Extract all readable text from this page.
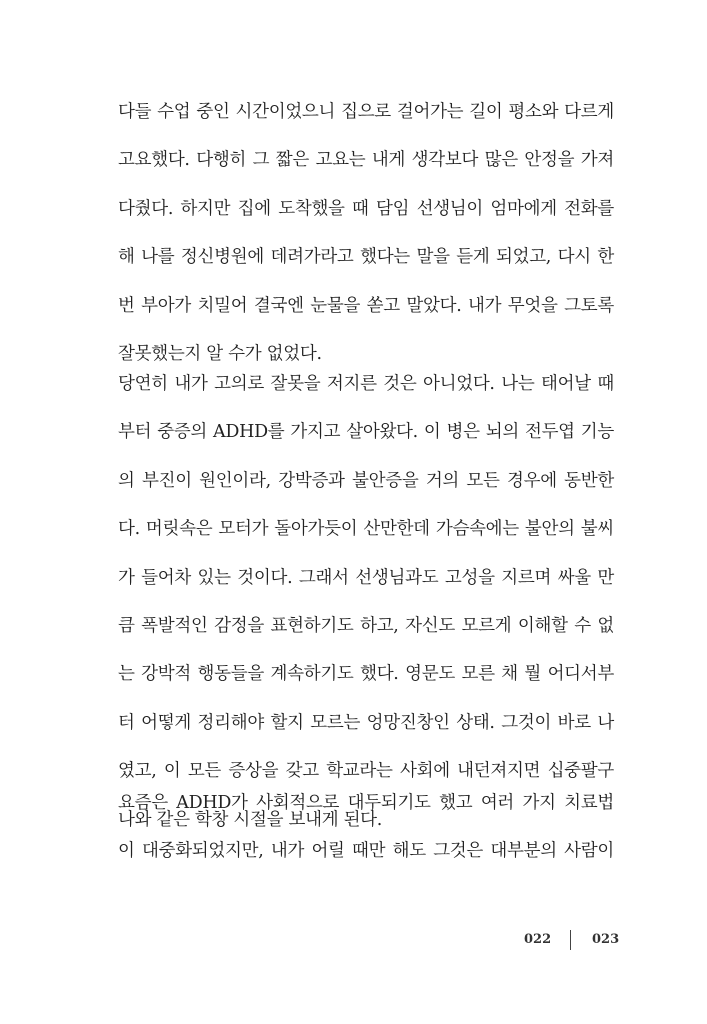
다들 수업 중인 시간이었으니 집으로 걸어가는 길이 평소와 다르게
고요했다. 다행히 그 짧은 고요는 내게 생각보다 많은 안정을 가져
다줬다. 하지만 집에 도착했을 때 담임 선생님이 엄마에게 전화를
해 나를 정신병원에 데려가라고 했다는 말을 듣게 되었고, 다시 한
번 부아가 치밀어 결국엔 눈물을 쏟고 말았다. 내가 무엇을 그토록
잘못했는지 알 수가 없었다.
당연히 내가 고의로 잘못을 저지른 것은 아니었다. 나는 태어날 때
부터 중증의 ADHD를 가지고 살아왔다. 이 병은 뇌의 전두엽 기능
의 부진이 원인이라, 강박증과 불안증을 거의 모든 경우에 동반한
다. 머릿속은 모터가 돌아가듯이 산만한데 가슴속에는 불안의 불씨
가 들어차 있는 것이다. 그래서 선생님과도 고성을 지르며 싸울 만
큼 폭발적인 감정을 표현하기도 하고, 자신도 모르게 이해할 수 없
는 강박적 행동들을 계속하기도 했다. 영문도 모른 채 뭘 어디서부
터 어떻게 정리해야 할지 모르는 엉망진창인 상태. 그것이 바로 나
였고, 이 모든 증상을 갖고 학교라는 사회에 내던져지면 십중팔구
나와 같은 학창 시절을 보내게 된다.
요즘은 ADHD가 사회적으로 대두되기도 했고 여러 가지 치료법
이 대중화되었지만, 내가 어릴 때만 해도 그것은 대부분의 사람이
022	023
